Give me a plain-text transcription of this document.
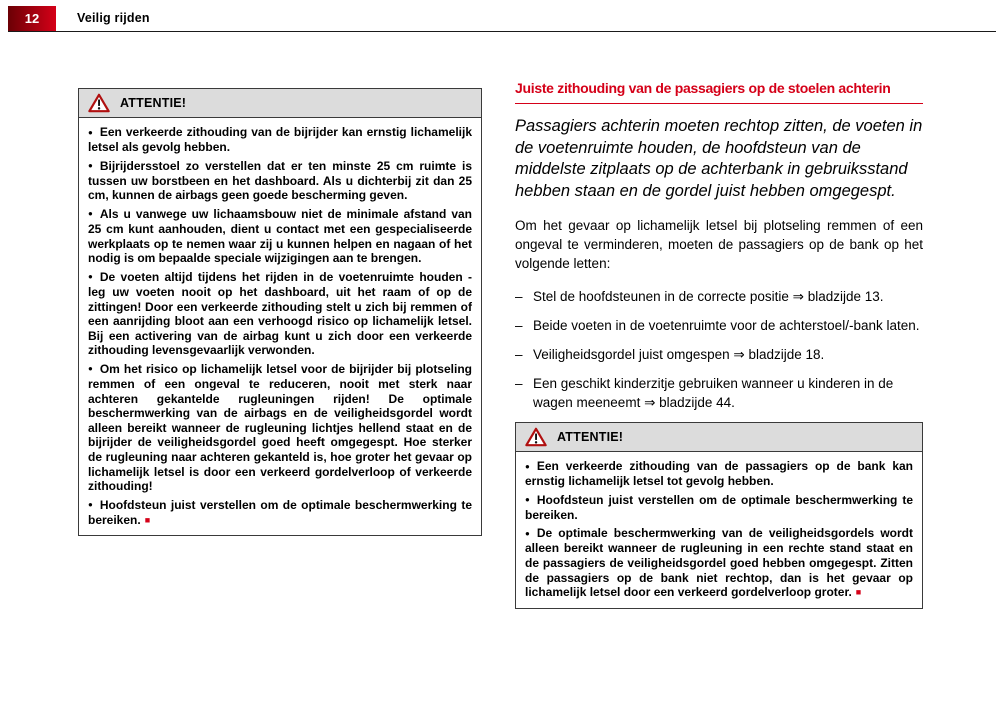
12	Veilig rijden
ATTENTIE!

● Een verkeerde zithouding van de bijrijder kan ernstig lichamelijk letsel als gevolg hebben.

● Bijrijdersstoel zo verstellen dat er ten minste 25 cm ruimte is tussen uw borstbeen en het dashboard. Als u dichterbij zit dan 25 cm, kunnen de airbags geen goede bescherming geven.

● Als u vanwege uw lichaamsbouw niet de minimale afstand van 25 cm kunt aanhouden, dient u contact met een gespecialiseerde werkplaats op te nemen waar zij u kunnen helpen en nagaan of het nodig is om bepaalde speciale wijzigingen aan te brengen.

● De voeten altijd tijdens het rijden in de voetenruimte houden - leg uw voeten nooit op het dashboard, uit het raam of op de zittingen! Door een verkeerde zithouding stelt u zich bij remmen of een aanrijding bloot aan een verhoogd risico op lichamelijk letsel. Bij een activering van de airbag kunt u zich door een verkeerde zithouding levensgevaarlijk verwonden.

● Om het risico op lichamelijk letsel voor de bijrijder bij plotseling remmen of een ongeval te reduceren, nooit met sterk naar achteren gekantelde rugleuningen rijden! De optimale beschermwerking van de airbags en de veiligheidsgordel wordt alleen bereikt wanneer de rugleuning lichtjes hellend staat en de bijrijder de veiligheidsgordel goed heeft omgegespt. Hoe sterker de rugleuning naar achteren gekanteld is, hoe groter het gevaar op lichamelijk letsel is door een verkeerd gordelverloop of verkeerde zithouding!

● Hoofdsteun juist verstellen om de optimale beschermwerking te bereiken. ■

Juiste zithouding van de passagiers op de stoelen achterin

Passagiers achterin moeten rechtop zitten, de voeten in de voetenruimte houden, de hoofdsteun van de middelste zitplaats op de achterbank in gebruiksstand hebben staan en de gordel juist hebben omgegespt.

Om het gevaar op lichamelijk letsel bij plotseling remmen of een ongeval te verminderen, moeten de passagiers op de bank op het volgende letten:

– Stel de hoofdsteunen in de correcte positie ⇒ bladzijde 13.

– Beide voeten in de voetenruimte voor de achterstoel/-bank laten.

– Veiligheidsgordel juist omgespen ⇒ bladzijde 18.

– Een geschikt kinderzitje gebruiken wanneer u kinderen in de wagen meeneemt ⇒ bladzijde 44.

ATTENTIE!

● Een verkeerde zithouding van de passagiers op de bank kan ernstig lichamelijk letsel tot gevolg hebben.

● Hoofdsteun juist verstellen om de optimale beschermwerking te bereiken.

● De optimale beschermwerking van de veiligheidsgordels wordt alleen bereikt wanneer de rugleuning in een rechte stand staat en de passagiers de veiligheidsgordel goed hebben omgegespt. Zitten de passagiers op de bank niet rechtop, dan is het gevaar op lichamelijk letsel door een verkeerd gordelverloop groter. ■
